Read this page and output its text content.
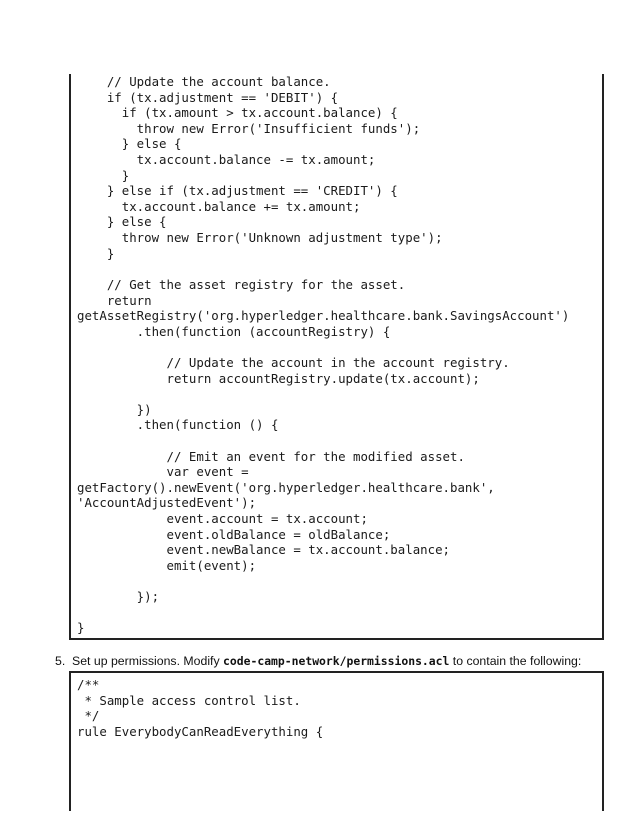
// Update the account balance.
if (tx.adjustment == 'DEBIT') {
if (tx.amount > tx.account.balance) {
throw new Error('Insufficient funds');
} else {
tx.account.balance -= tx.amount;
}
} else if (tx.adjustment == 'CREDIT') {
tx.account.balance += tx.amount;
} else {
throw new Error('Unknown adjustment type');
}
// Get the asset registry for the asset.
return
getAssetRegistry('org.hyperledger.healthcare.bank.SavingsAccount')
.then(function (accountRegistry) {
// Update the account in the account registry.
return accountRegistry.update(tx.account);
})
.then(function () {
// Emit an event for the modified asset.
var event =
getFactory().newEvent('org.hyperledger.healthcare.bank',
'AccountAdjustedEvent');
event.account = tx.account;
event.oldBalance = oldBalance;
event.newBalance = tx.account.balance;
emit(event);
});
}
5. Set up permissions. Modify code-camp-network/permissions.acl to contain the following:
/**
* Sample access control list.
*/
rule EverybodyCanReadEverything {
